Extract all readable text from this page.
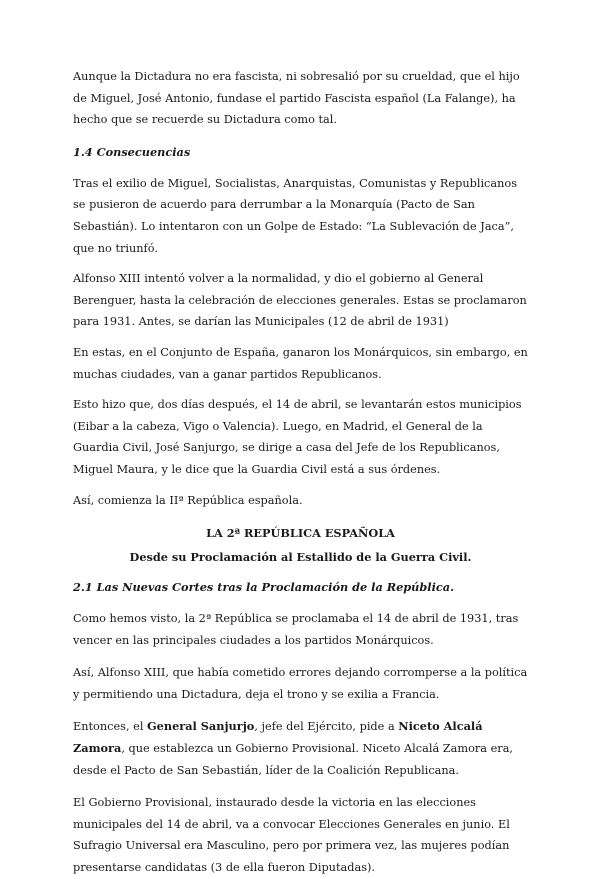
Aunque la Dictadura no era fascista, ni sobresalió por su crueldad, que el hijo de Miguel, José Antonio, fundase el partido Fascista español (La Falange), ha hecho que se recuerde su Dictadura como tal.

1.4 Consecuencias

Tras el exilio de Miguel, Socialistas, Anarquistas, Comunistas y Republicanos se pusieron de acuerdo para derrumbar a la Monarquía (Pacto de San Sebastián). Lo intentaron con un Golpe de Estado: “La Sublevación de Jaca”, que no triunfó.

Alfonso XIII intentó volver a la normalidad, y dio el gobierno al General Berenguer, hasta la celebración de elecciones generales. Estas se proclamaron para 1931. Antes, se darían las Municipales (12 de abril de 1931)

En estas, en el Conjunto de España, ganaron los Monárquicos, sin embargo, en muchas ciudades, van a ganar partidos Republicanos.

Esto hizo que, dos días después, el 14 de abril, se levantarán estos municipios (Eibar a la cabeza, Vigo o Valencia). Luego, en Madrid, el General de la Guardia Civil, José Sanjurgo, se dirige a casa del Jefe de los Republicanos, Miguel Maura, y le dice que la Guardia Civil está a sus órdenes.

Así, comienza la IIª República española.

LA 2ª REPÚBLICA ESPAÑOLA
Desde su Proclamación al Estallido de la Guerra Civil.
2.1 Las Nuevas Cortes tras la Proclamación de la República.

Como hemos visto, la 2ª República se proclamaba el 14 de abril de 1931, tras vencer en las principales ciudades a los partidos Monárquicos.

Así, Alfonso XIII, que había cometido errores dejando corromperse a la política y permitiendo una Dictadura, deja el trono y se exilia a Francia.

Entonces, el General Sanjurjo, jefe del Ejército, pide a Niceto Alcalá Zamora, que establezca un Gobierno Provisional. Niceto Alcalá Zamora era, desde el Pacto de San Sebastián, líder de la Coalición Republicana.

El Gobierno Provisional, instaurado desde la victoria en las elecciones municipales del 14 de abril, va a convocar Elecciones Generales en junio. El Sufragio Universal era Masculino, pero por primera vez, las mujeres podían presentarse candidatas (3 de ella fueron Diputadas).
